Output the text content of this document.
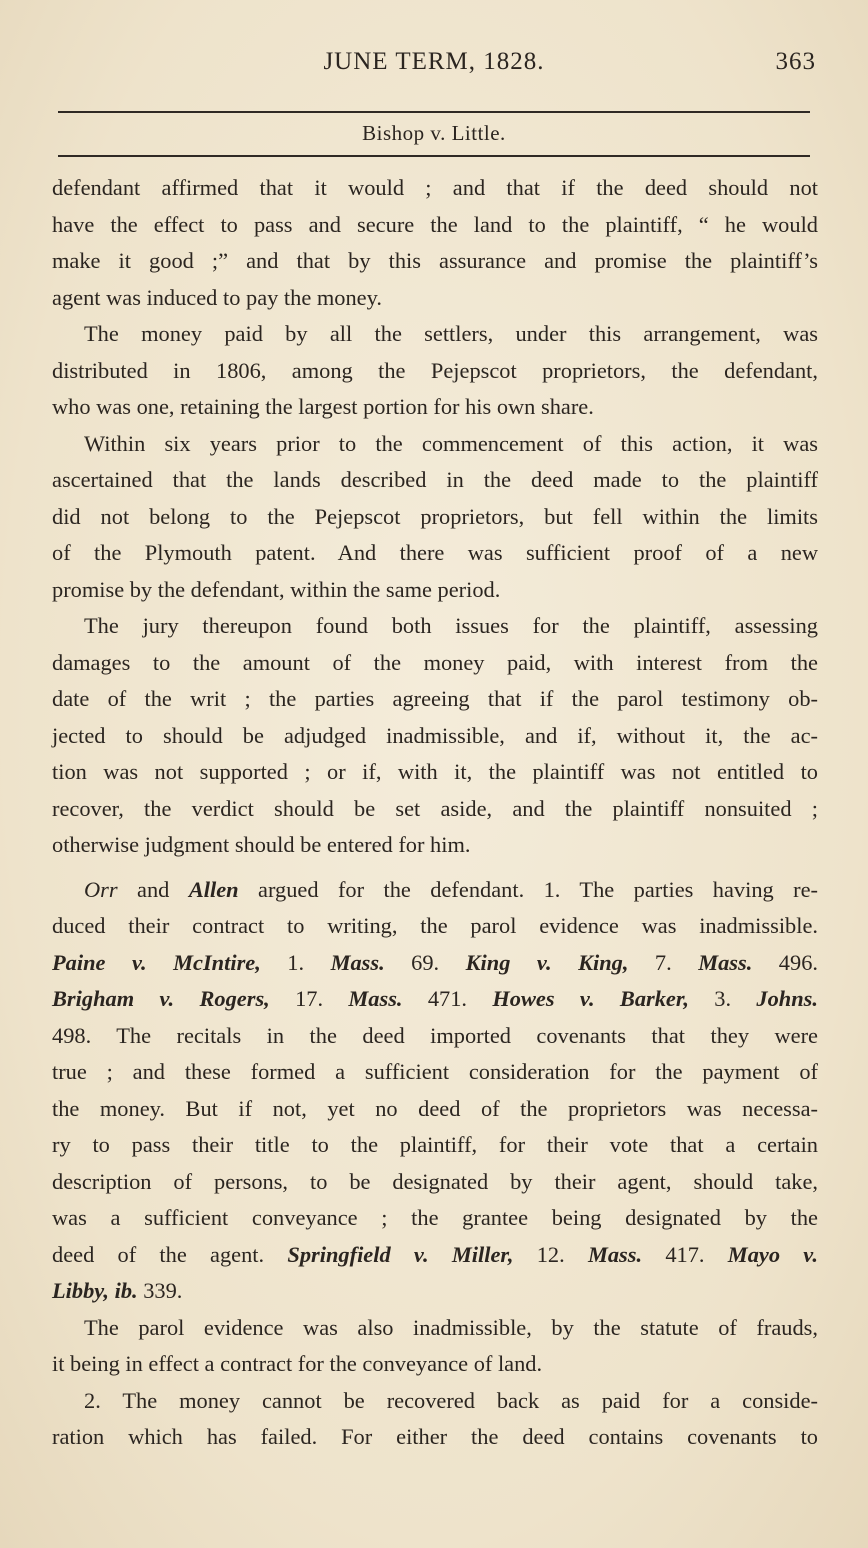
JUNE TERM, 1828.	363
Bishop v. Little.
defendant affirmed that it would ; and that if the deed should not
have the effect to pass and secure the land to the plaintiff, “ he would
make it good ;” and that by this assurance and promise the plaintiff’s
agent was induced to pay the money.
The money paid by all the settlers, under this arrangement, was
distributed in 1806, among the Pejepscot proprietors, the defendant,
who was one, retaining the largest portion for his own share.
Within six years prior to the commencement of this action, it was
ascertained that the lands described in the deed made to the plaintiff
did not belong to the Pejepscot proprietors, but fell within the limits
of the Plymouth patent. And there was sufficient proof of a new
promise by the defendant, within the same period.
The jury thereupon found both issues for the plaintiff, assessing
damages to the amount of the money paid, with interest from the
date of the writ ; the parties agreeing that if the parol testimony ob-
jected to should be adjudged inadmissible, and if, without it, the ac-
tion was not supported ; or if, with it, the plaintiff was not entitled to
recover, the verdict should be set aside, and the plaintiff nonsuited ;
otherwise judgment should be entered for him.
Orr and Allen argued for the defendant. 1. The parties having re-
duced their contract to writing, the parol evidence was inadmissible.
Paine v. McIntire, 1. Mass. 69. King v. King, 7. Mass. 496.
Brigham v. Rogers, 17. Mass. 471. Howes v. Barker, 3. Johns.
498. The recitals in the deed imported covenants that they were
true ; and these formed a sufficient consideration for the payment of
the money. But if not, yet no deed of the proprietors was necessa-
ry to pass their title to the plaintiff, for their vote that a certain
description of persons, to be designated by their agent, should take,
was a sufficient conveyance ; the grantee being designated by the
deed of the agent. Springfield v. Miller, 12. Mass. 417. Mayo v.
Libby, ib. 339.
The parol evidence was also inadmissible, by the statute of frauds,
it being in effect a contract for the conveyance of land.
2. The money cannot be recovered back as paid for a conside-
ration which has failed. For either the deed contains covenants to
